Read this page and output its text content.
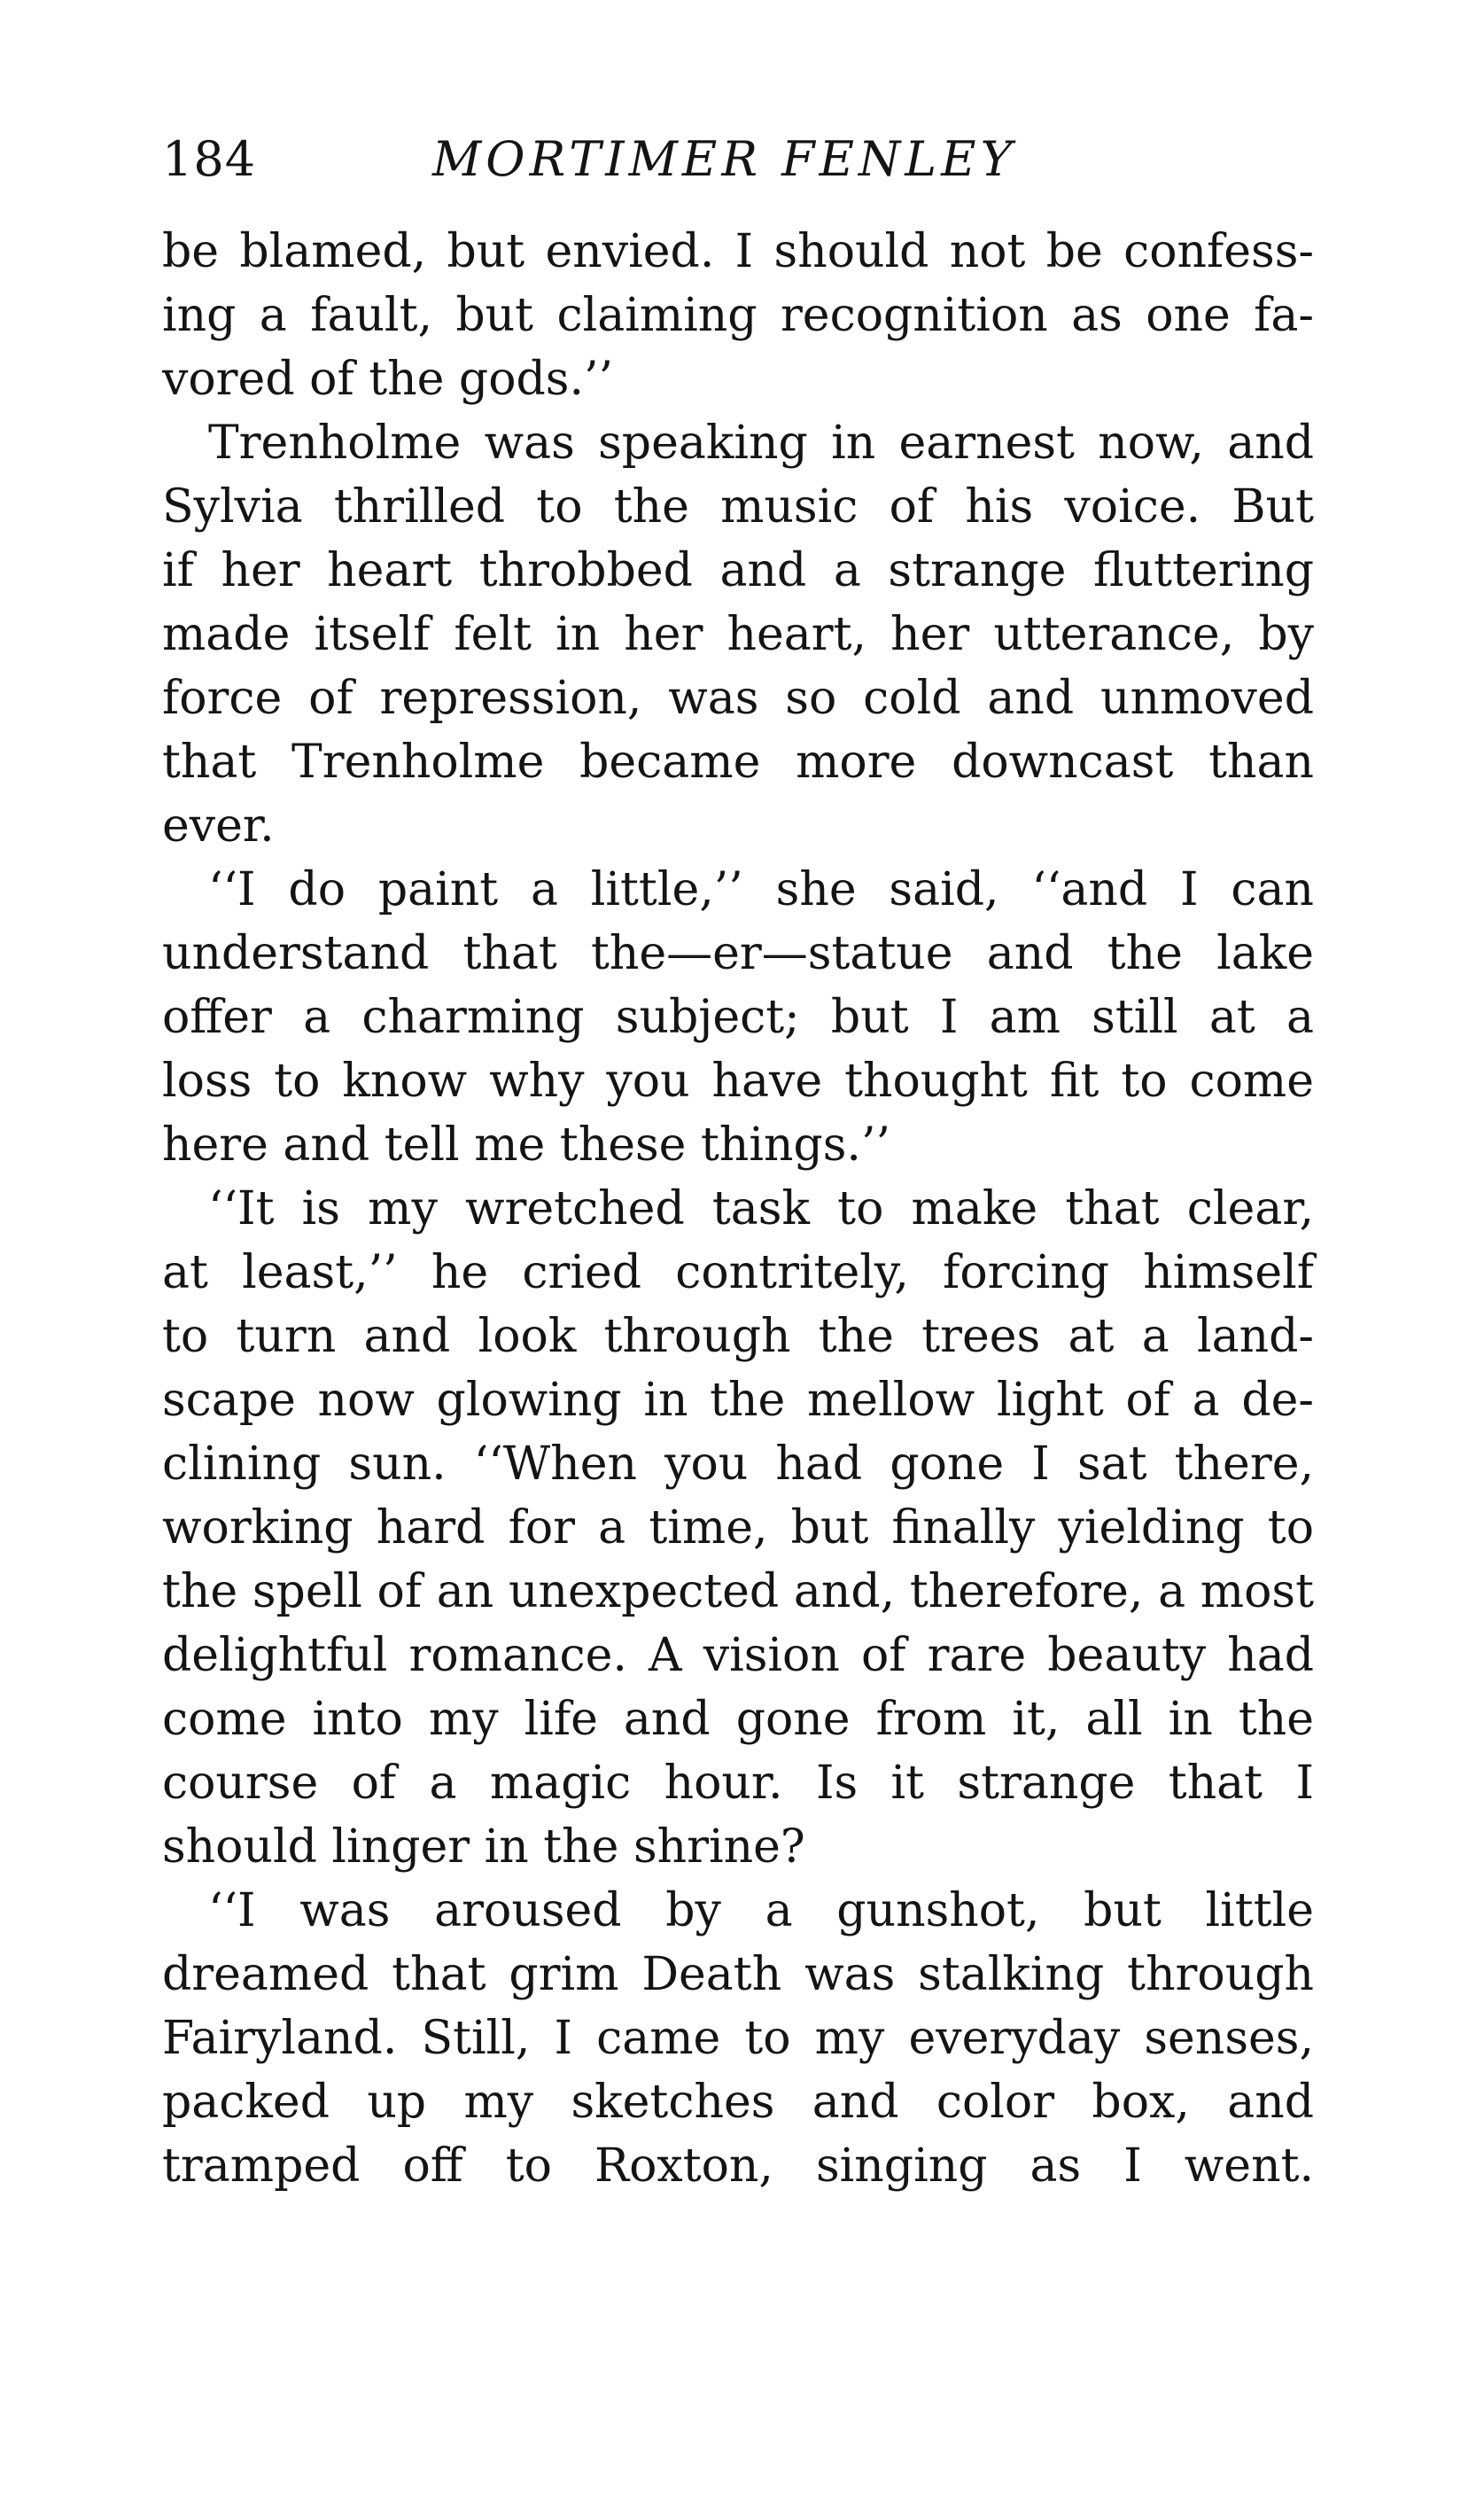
184	MORTIMER FENLEY

be blamed, but envied. I should not be confess-

ing a fault, but claiming recognition as one fa-

vored of the gods.’’

Trenholme was speaking in earnest now, and

Sylvia thrilled to the music of his voice. But

if her heart throbbed and a strange fluttering

made itself felt in her heart, her utterance, by

force of repression, was so cold and unmoved

that Trenholme became more downcast than

ever.

‘‘I do paint a little,’’ she said, ‘‘and I can

understand that the—er—statue and the lake

offer a charming subject; but I am still at a

loss to know why you have thought fit to come

here and tell me these things.’’

‘‘It is my wretched task to make that clear,

at least,’’ he cried contritely, forcing himself

to turn and look through the trees at a land-

scape now glowing in the mellow light of a de-

clining sun. ‘‘When you had gone I sat there,

working hard for a time, but finally yielding to

the spell of an unexpected and, therefore, a most

delightful romance. A vision of rare beauty had

come into my life and gone from it, all in the

course of a magic hour. Is it strange that I

should linger in the shrine?

‘‘I was aroused by a gunshot, but little

dreamed that grim Death was stalking through

Fairyland. Still, I came to my everyday senses,

packed up my sketches and color box, and

tramped off to Roxton, singing as I went.
